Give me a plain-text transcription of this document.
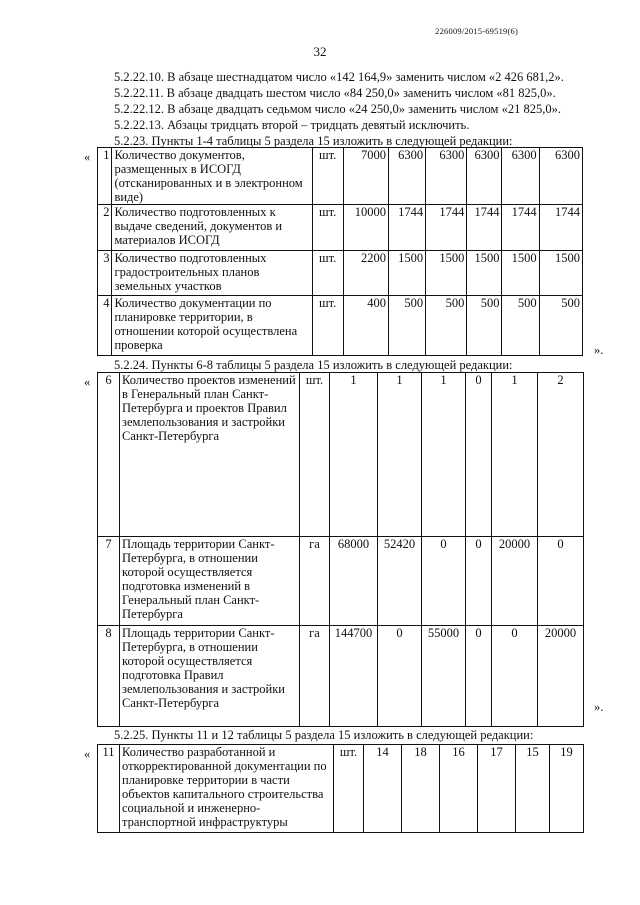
226009/2015-69519(6)
32
5.2.22.10. В абзаце шестнадцатом число «142 164,9» заменить числом «2 426 681,2».
5.2.22.11. В абзаце двадцать шестом число «84 250,0» заменить числом «81 825,0».
5.2.22.12. В абзаце двадцать седьмом число «24 250,0» заменить числом «21 825,0».
5.2.22.13. Абзацы тридцать второй – тридцать девятый исключить.
5.2.23. Пункты 1-4 таблицы 5 раздела 15 изложить в следующей редакции:
« 1	Количество документов, размещенных в ИСОГД (отсканированных и в электронном виде)	шт.	7000	6300	6300	6300	6300	6300
2	Количество подготовленных к выдаче сведений, документов и материалов ИСОГД	шт.	10000	1744	1744	1744	1744	1744
3	Количество подготовленных градостроительных планов земельных участков	шт.	2200	1500	1500	1500	1500	1500
4	Количество документации по планировке территории, в отношении которой осуществлена проверка	шт.	400	500	500	500	500	500
».
5.2.24. Пункты 6-8 таблицы 5 раздела 15 изложить в следующей редакции:
« 6	Количество проектов изменений в Генеральный план Санкт-Петербурга и проектов Правил землепользования и застройки Санкт-Петербурга	шт.	1	1	1	0	1	2
7	Площадь территории Санкт-Петербурга, в отношении которой осуществляется подготовка изменений в Генеральный план Санкт-Петербурга	га	68000	52420	0	0	20000	0
8	Площадь территории Санкт-Петербурга, в отношении которой осуществляется подготовка Правил землепользования и застройки Санкт-Петербурга	га	144700	0	55000	0	0	20000
».
5.2.25. Пункты 11 и 12 таблицы 5 раздела 15 изложить в следующей редакции:
« 11	Количество разработанной и откорректированной документации по планировке территории в части объектов капитального строительства социальной и инженерно-транспортной инфраструктуры	шт.	14	18	16	17	15	19
